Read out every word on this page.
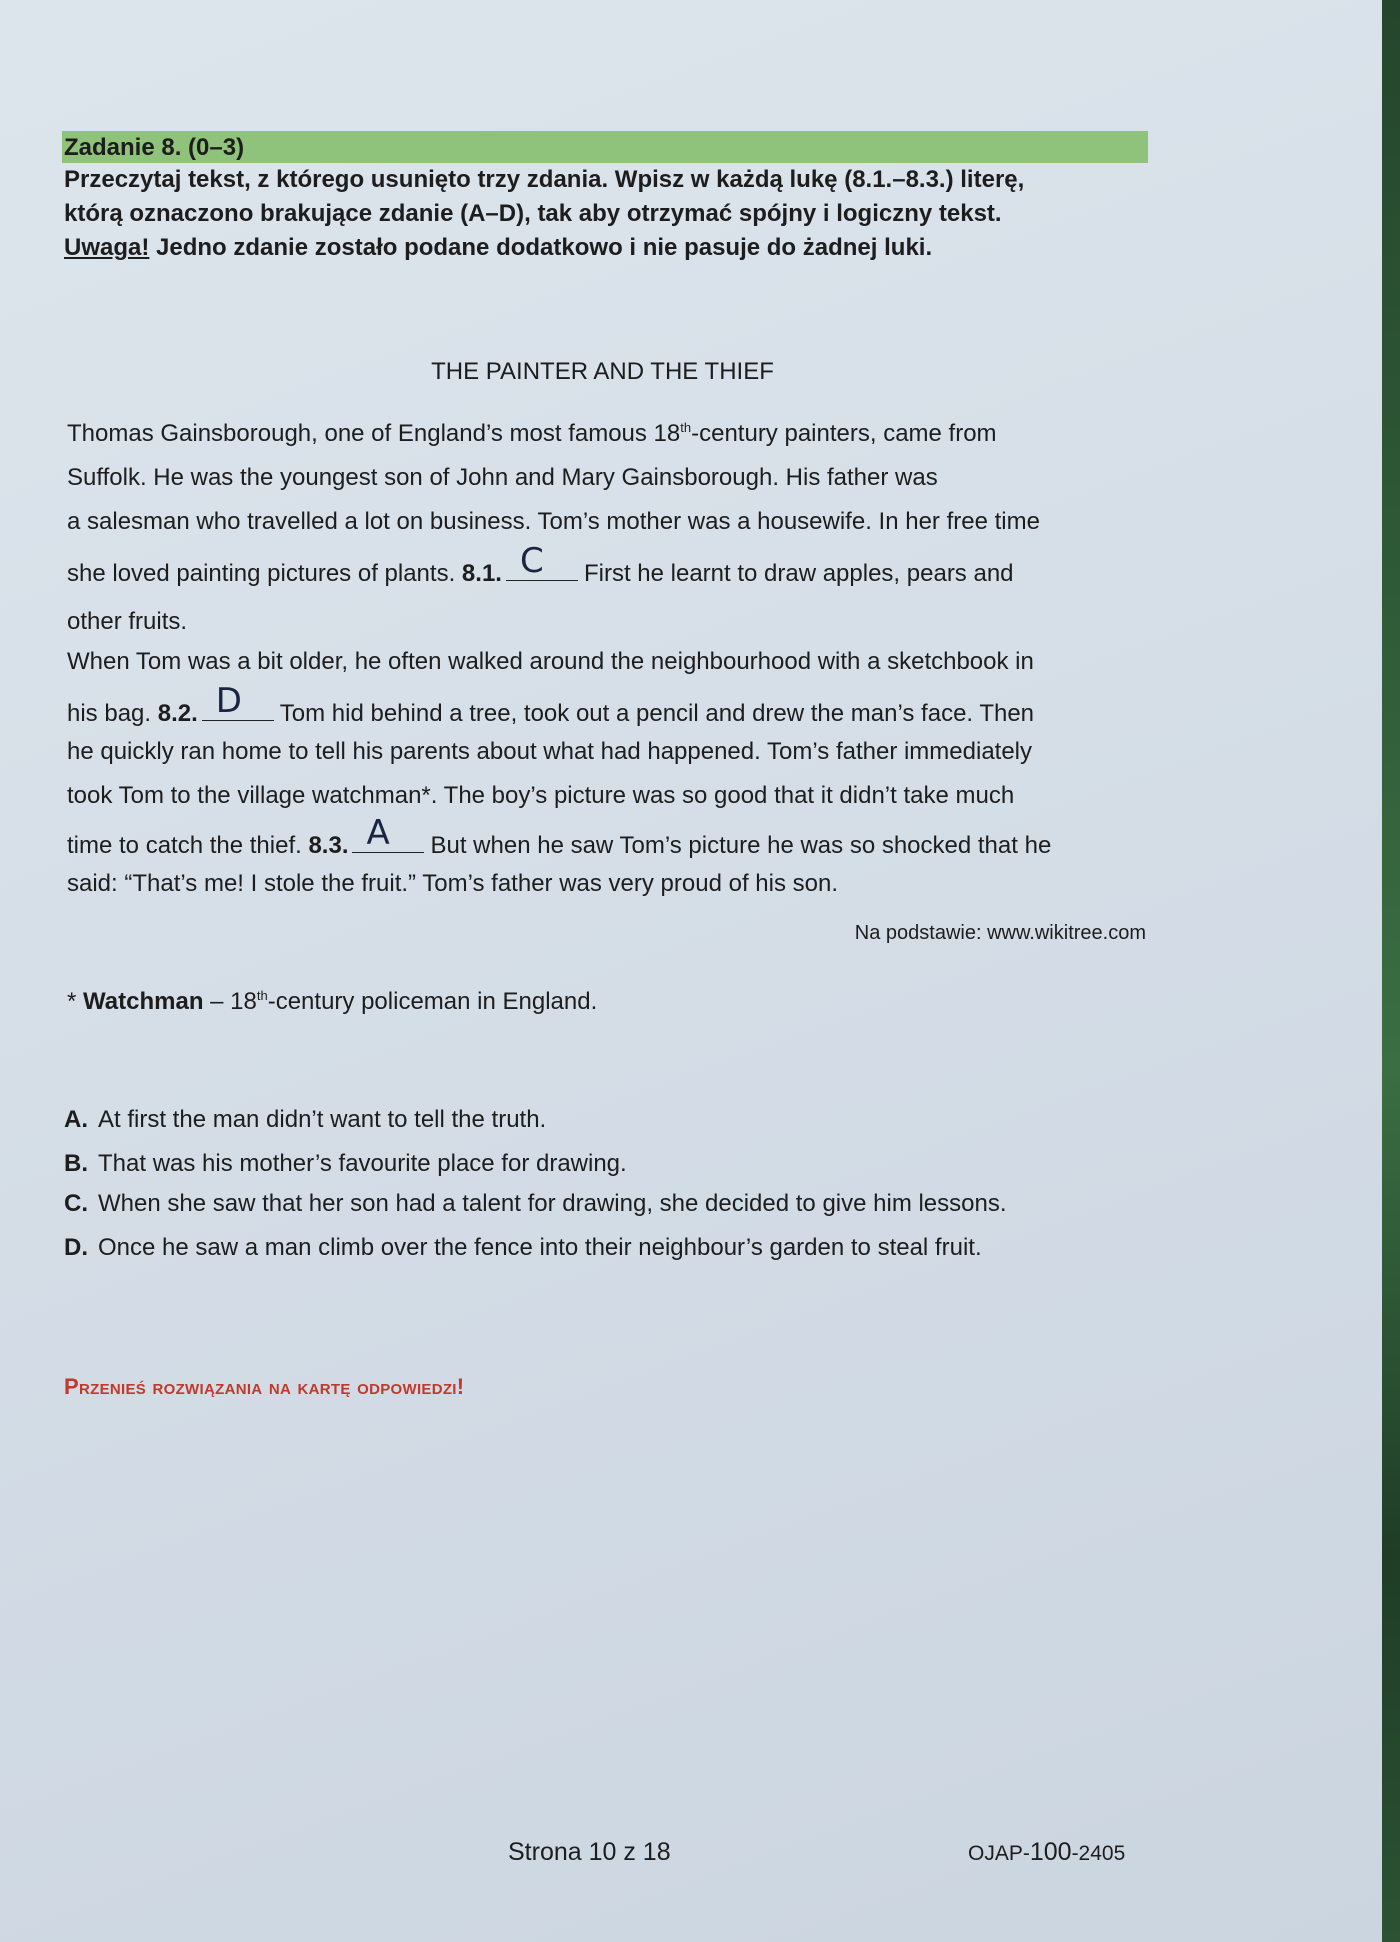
Zadanie 8. (0–3)
Przeczytaj tekst, z którego usunięto trzy zdania. Wpisz w każdą lukę (8.1.–8.3.) literę,
którą oznaczono brakujące zdanie (A–D), tak aby otrzymać spójny i logiczny tekst.
Uwaga! Jedno zdanie zostało podane dodatkowo i nie pasuje do żadnej luki.
THE PAINTER AND THE THIEF
Thomas Gainsborough, one of England’s most famous 18th-century painters, came from
Suffolk. He was the youngest son of John and Mary Gainsborough. His father was
a salesman who travelled a lot on business. Tom’s mother was a housewife. In her free time
she loved painting pictures of plants. 8.1. C First he learnt to draw apples, pears and
other fruits.
When Tom was a bit older, he often walked around the neighbourhood with a sketchbook in
his bag. 8.2. D Tom hid behind a tree, took out a pencil and drew the man’s face. Then
he quickly ran home to tell his parents about what had happened. Tom’s father immediately
took Tom to the village watchman*. The boy’s picture was so good that it didn’t take much
time to catch the thief. 8.3. A But when he saw Tom’s picture he was so shocked that he
said: “That’s me! I stole the fruit.” Tom’s father was very proud of his son.
Na podstawie: www.wikitree.com
* Watchman – 18th-century policeman in England.
A. At first the man didn’t want to tell the truth.
B. That was his mother’s favourite place for drawing.
C. When she saw that her son had a talent for drawing, she decided to give him lessons.
D. Once he saw a man climb over the fence into their neighbour’s garden to steal fruit.
Przenieś rozwiązania na kartę odpowiedzi!
Strona 10 z 18	OJAP-100-2405
